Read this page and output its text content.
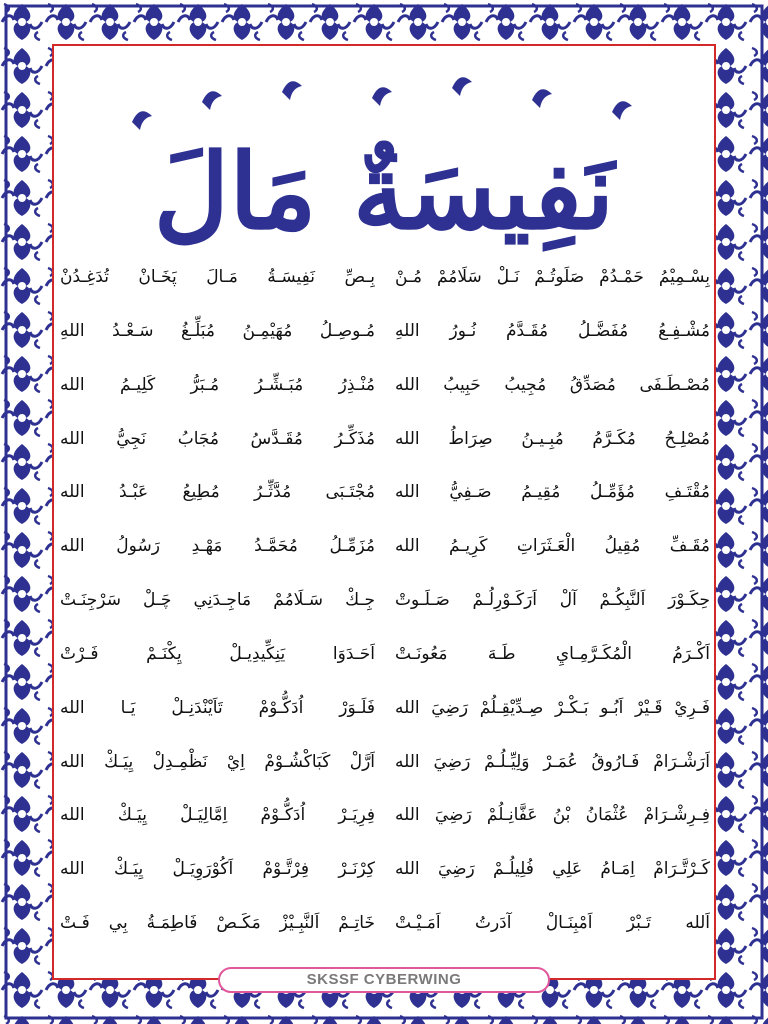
نَفِيسَةٌ مَالَ
بِسْـمِيْمُ حَمْـدُمْ صَلَوتُـمْ نَـلْ سَلَامُمْ مُـنْ
مُشْـفِـعُ مُفَضَّـلُ مُقَـدَّمُ نُـورُ اللهِ
مُصْـطَـفَى مُصَدِّقُ مُجِيبُ حَبِيبُ الله
مُصْلِـحُ مُكَـرَّمُ مُبِـيـنُ صِرَاطُ الله
مُقْتَـفِ مُؤَمِّـلُ مُقِيـمُ صَـفِيُّ الله
مُقَـفِّ مُقِيلُ الْعَـثَرَاتِ كَرِيـمُ الله
حِكَـوْرَ اَلنَّبِكُـمْ آلْ اَرَكَـوْرِلُـمْ صَـلَـوتْ
اَكْـرَمُ الْمُكَـرَّمِـايِ طَـهَ مَعُونَـتْ
فَـرِيْ قَـيْرْ اَبُـو بَـكْـرْ صِـدِّيْقِـلُمْ رَضِيَ الله
اَرَشْـرَامْ فَـارُوقُ عُمَـرْ وَلِيِّـلُـمْ رَضِيَ الله
فِـرِشْـرَامْ عُثْمَانُ بْنُ عَفَّانِـلُمْ رَضِيَ الله
كَـرْتَّـرَامْ اِمَـامُ عَلِي فُلِيلُـمْ رَضِيَ الله
اَلله تَـبْرْ اَمْبِنَـالْ آدَرتُ اَمَـيْـتْ
بِـصِّ نَفِيسَـةُ مَـالَ پَخَـانْ تُدَغِـدُنْ
مُـوصِـلُ مُهَيْمِـنُ مُبَلِّـغُ سَـعْـدُ اللهِ
مُنْـذِرُ مُبَـشِّـرُ مُـبَرُّ كَلِيـمُ الله
مُذَكِّـرُ مُقَـدَّسُ مُجَابُ نَجِيُّ الله
مُجْتَـبَى مُدَّثِّـرُ مُطِيعُ عَبْـدُ الله
مُزَمِّـلُ مُحَمَّـدُ مَهْـدِ رَسُولُ الله
جِـكْ سَـلَامُمْ مَاجِـدَنِي چَـلْ سَرْجِنَـتْ
اَحَـدَوَا يَنِكِّيدِيـلْ يِكْنَـمْ فَـرْتْ
فَلَـوَرْ اُدَكُّـوْمْ تَاَيْنْدَنِـلْ يَـا الله
اَرَّلْ كَبَاكْشُـوْمْ اِيْ نَظْمِـدِلْ يِيَـكْ الله
فِرِيَـرْ اُدَكُّـوْمْ اِمَّالِيَـلْ يِيَـكْ الله
كِرْنَـرْ فِرْتَّـوْمْ اَكُوْرَوِيَـلْ يِيَـكْ الله
خَاتِـمْ اَلنَّبِـيْزْ مَكَـصْ فَاطِمَـةُ بِي فَـتْ
SKSSF CYBERWING
